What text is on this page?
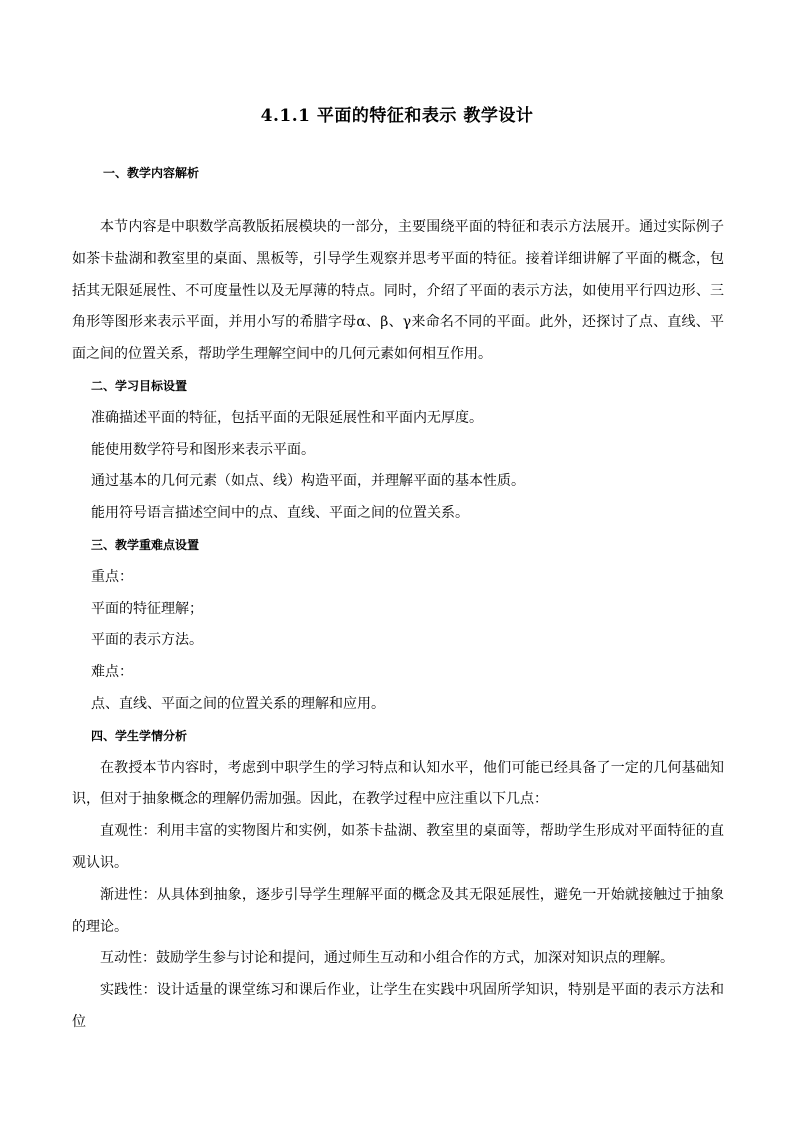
4.1.1 平面的特征和表示 教学设计
一、教学内容解析

本节内容是中职数学高教版拓展模块的一部分，主要围绕平面的特征和表示方法展开。通过实际例子如茶卡盐湖和教室里的桌面、黑板等，引导学生观察并思考平面的特征。接着详细讲解了平面的概念，包括其无限延展性、不可度量性以及无厚薄的特点。同时，介绍了平面的表示方法，如使用平行四边形、三角形等图形来表示平面，并用小写的希腊字母α、β、γ来命名不同的平面。此外，还探讨了点、直线、平面之间的位置关系，帮助学生理解空间中的几何元素如何相互作用。

二、学习目标设置

准确描述平面的特征，包括平面的无限延展性和平面内无厚度。

能使用数学符号和图形来表示平面。

通过基本的几何元素（如点、线）构造平面，并理解平面的基本性质。

能用符号语言描述空间中的点、直线、平面之间的位置关系。

三、教学重难点设置

重点：

平面的特征理解；

平面的表示方法。

难点：

点、直线、平面之间的位置关系的理解和应用。

四、学生学情分析

在教授本节内容时，考虑到中职学生的学习特点和认知水平，他们可能已经具备了一定的几何基础知识，但对于抽象概念的理解仍需加强。因此，在教学过程中应注重以下几点：

直观性：利用丰富的实物图片和实例，如茶卡盐湖、教室里的桌面等，帮助学生形成对平面特征的直观认识。

渐进性：从具体到抽象，逐步引导学生理解平面的概念及其无限延展性，避免一开始就接触过于抽象的理论。

互动性：鼓励学生参与讨论和提问，通过师生互动和小组合作的方式，加深对知识点的理解。

实践性：设计适量的课堂练习和课后作业，让学生在实践中巩固所学知识，特别是平面的表示方法和位
